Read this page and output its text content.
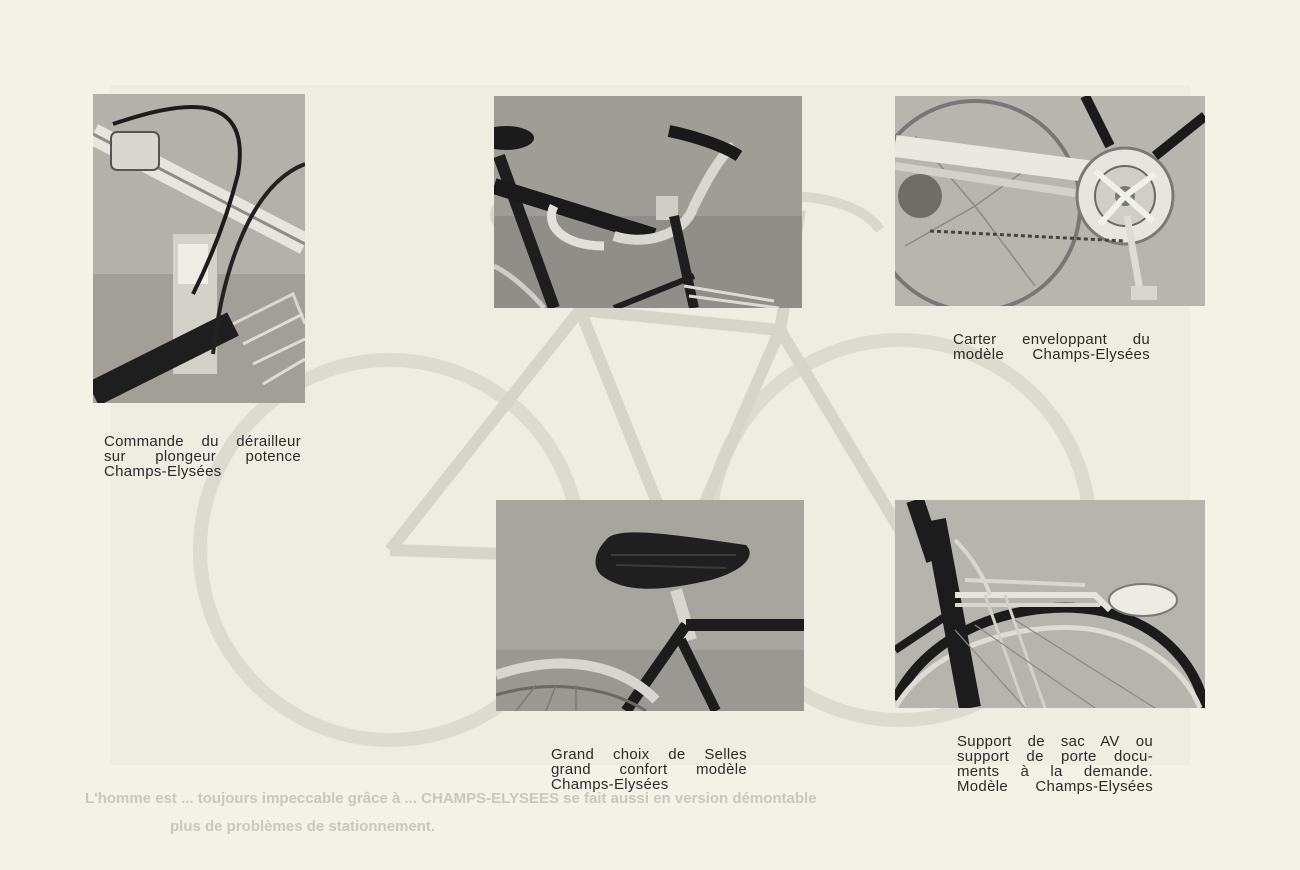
L'homme est ... toujours impeccable grâce à ... CHAMPS-ELYSEES se fait aussi en version démontable
plus de problèmes de stationnement.
Commande du dérailleur
sur plongeur potence
Champs-Elysées
Carter enveloppant du
modèle Champs-Elysées
Grand choix de Selles
grand confort modèle
Champs-Elysées
Support de sac AV ou
support de porte docu-
ments à la demande.
Modèle Champs-Elysées
